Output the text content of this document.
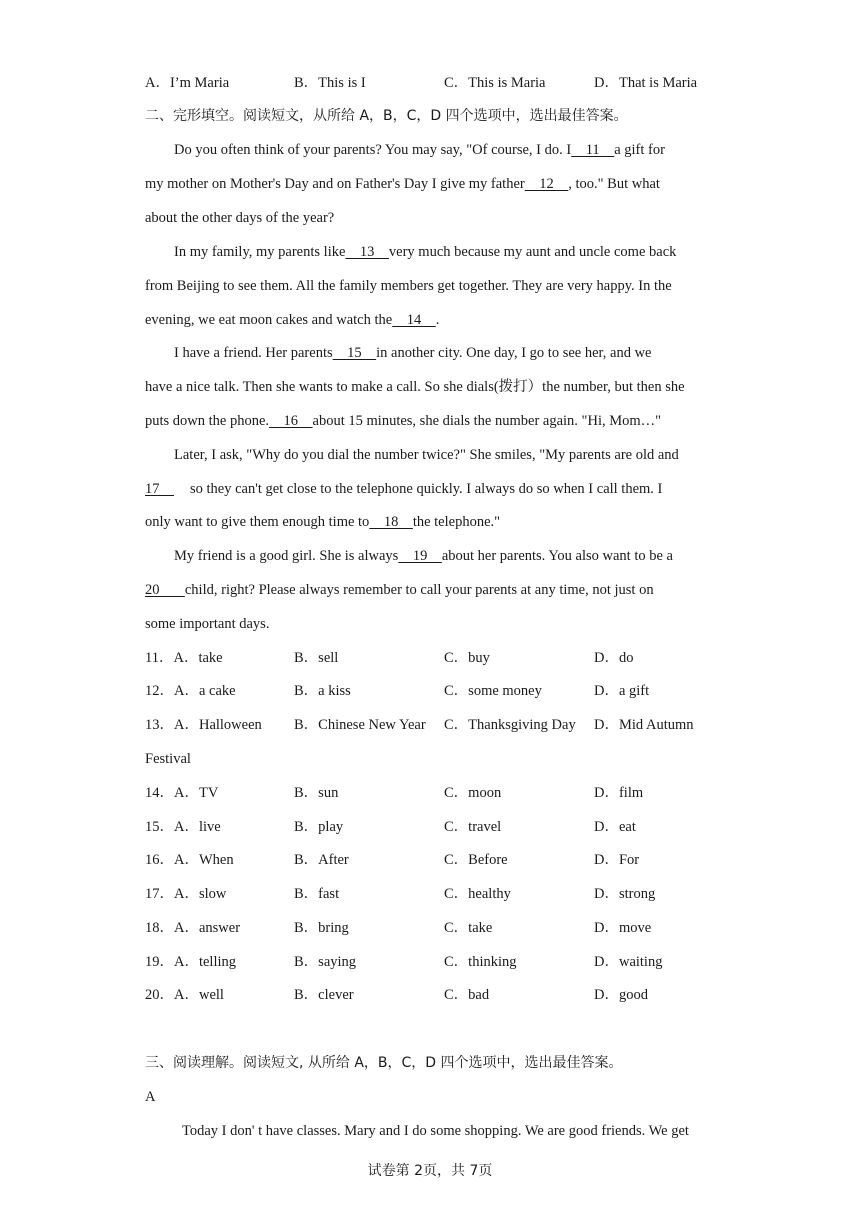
A．I’m Maria	B．This is I	C．This is Maria	D．That is Maria
二、完形填空。阅读短文，从所给 A，B，C，D 四个选项中，选出最佳答案。
Do you often think of your parents? You may say, "Of course, I do. I    11    a gift for
my mother on Mother's Day and on Father's Day I give my father    12    , too." But what
about the other days of the year?
In my family, my parents like    13    very much because my aunt and uncle come back
from Beijing to see them. All the family members get together. They are very happy. In the
evening, we eat moon cakes and watch the    14    .
I have a friend. Her parents    15    in another city. One day, I go to see her, and we
have a nice talk. Then she wants to make a call. So she dials(拨打）the number, but then she
puts down the phone.    16    about 15 minutes, she dials the number again. "Hi, Mom…"
Later, I ask, "Why do you dial the number twice?" She smiles, "My parents are old and
17    so they can't get close to the telephone quickly. I always do so when I call them. I
only want to give them enough time to    18    the telephone."
My friend is a good girl. She is always    19    about her parents. You also want to be a
20       child, right? Please always remember to call your parents at any time, not just on
some important days.
11．A．take	B．sell	C．buy	D．do
12．A．a cake	B．a kiss	C．some money	D．a gift
13．A．Halloween B．Chinese New Year C．Thanksgiving Day D．Mid Autumn
Festival
14．A．TV	B．sun	C．moon	D．film
15．A．live	B．play	C．travel	D．eat
16．A．When	B．After	C．Before	D．For
17．A．slow	B．fast	C．healthy	D．strong
18．A．answer	B．bring	C．take	D．move
19．A．telling	B．saying	C．thinking	D．waiting
20．A．well	B．clever	C．bad	D．good
三、阅读理解。阅读短文, 从所给 A，B，C，D 四个选项中，选出最佳答案。
A
Today I don' t have classes. Mary and I do some shopping. We are good friends. We get
试卷第 2页，共 7页
